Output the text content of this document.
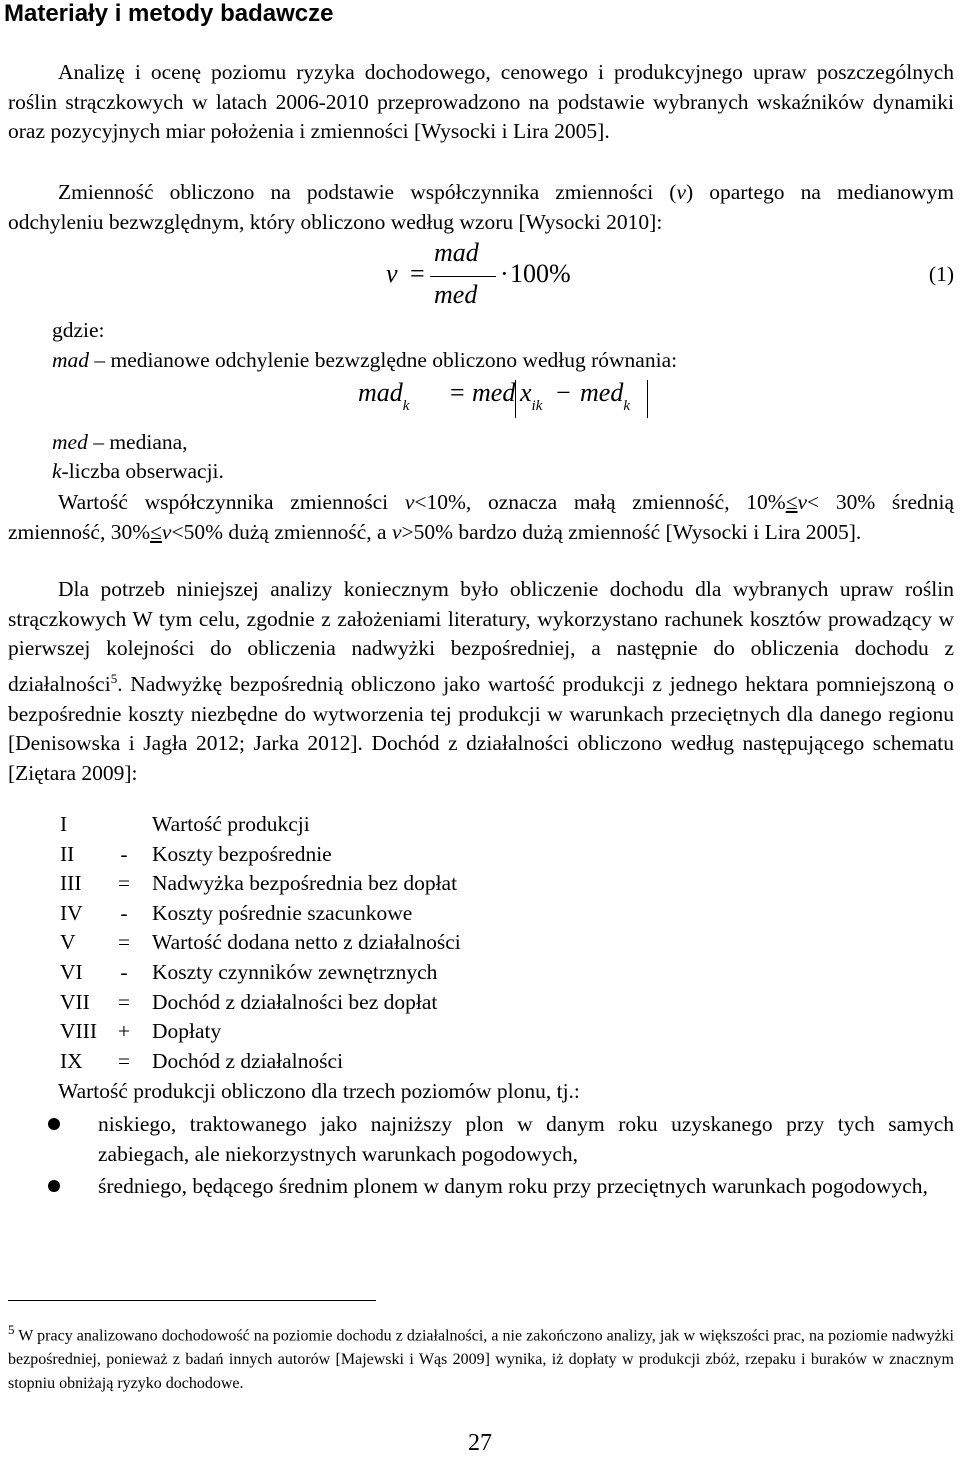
Materiały i metody badawcze

Analizę i ocenę poziomu ryzyka dochodowego, cenowego i produkcyjnego upraw poszczególnych roślin strączkowych w latach 2006-2010 przeprowadzono na podstawie wybranych wskaźników dynamiki oraz pozycyjnych miar położenia i zmienności [Wysocki i Lira 2005].

Zmienność obliczono na podstawie współczynnika zmienności (v) opartego na medianowym odchyleniu bezwzględnym, który obliczono według wzoru [Wysocki 2010]:

v =
mad
med
· 100%	(1)
gdzie:
mad – medianowe odchylenie bezwzględne obliczono według równania:
mad$_k$ = med $x_{ik} - med_k$
med – mediana,
k-liczba obserwacji.

Wartość współczynnika zmienności v<10%, oznacza małą zmienność, 10%≤v< 30% średnią zmienność, 30%≤v<50% dużą zmienność, a v>50% bardzo dużą zmienność [Wysocki i Lira 2005].

Dla potrzeb niniejszej analizy koniecznym było obliczenie dochodu dla wybranych upraw roślin strączkowych W tym celu, zgodnie z założeniami literatury, wykorzystano rachunek kosztów prowadzący w pierwszej kolejności do obliczenia nadwyżki bezpośredniej, a następnie do obliczenia dochodu z działalności$^5$. Nadwyżkę bezpośrednią obliczono jako wartość produkcji z jednego hektara pomniejszoną o bezpośrednie koszty niezbędne do wytworzenia tej produkcji w warunkach przeciętnych dla danego regionu [Denisowska i Jagła 2012; Jarka 2012]. Dochód z działalności obliczono według następującego schematu [Ziętara 2009]:

I	Wartość produkcji
II - Koszty bezpośrednie
III = Nadwyżka bezpośrednia bez dopłat
IV - Koszty pośrednie szacunkowe
V = Wartość dodana netto z działalności
VI - Koszty czynników zewnętrznych
VII = Dochód z działalności bez dopłat
VIII + Dopłaty
IX = Dochód z działalności
Wartość produkcji obliczono dla trzech poziomów plonu, tj.:

niskiego, traktowanego jako najniższy plon w danym roku uzyskanego przy tych samych zabiegach, ale niekorzystnych warunkach pogodowych,

średniego, będącego średnim plonem w danym roku przy przeciętnych warunkach pogodowych,

$^5$ W pracy analizowano dochodowość na poziomie dochodu z działalności, a nie zakończono analizy, jak w większości prac, na poziomie nadwyżki bezpośredniej, ponieważ z badań innych autorów [Majewski i Wąs 2009] wynika, iż dopłaty w produkcji zbóż, rzepaku i buraków w znacznym stopniu obniżają ryzyko dochodowe.

27
